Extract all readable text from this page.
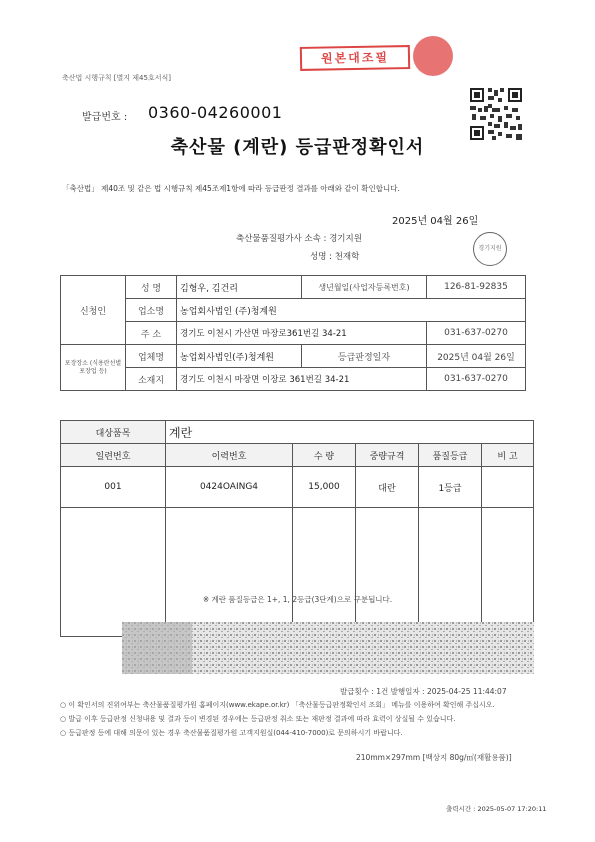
축산법 시행규칙 [별지 제45호서식]
원본대조필
발급번호 : 0360-04260001
축산물 (계란) 등급판정확인서
「축산법」 제40조 및 같은 법 시행규칙 제45조제1항에 따라 등급판정 결과를 아래와 같이 확인합니다.
2025년 04월 26일
축산물품질평가사 소속 : 경기지원
경기지원
성명 : 천재학
신청인	성 명	김형우, 김건리	생년월일(사업자등록번호)	126-81-92835
	업소명	농업회사법인 (주)청계원		
	주 소	경기도 이천시 가산면 마장로361번길 34-21		031-637-0270
포장장소 (식용란선별포장업 등)	업체명	농업회사법인(주)청계원	등급판정일자	2025년 04월 26일
	소재지	경기도 이천시 마장면 이장로 361번길 34-21		031-637-0270
대상품목	계란				
일련번호	이력번호	수 량	중량규격	품질등급	비 고
001	0424OAING4	15,000	대란	1등급	

※ 계란 품질등급은 1+, 1, 2등급(3단계)으로 구분됩니다.
발급횟수 : 1건 발행일자 : 2025-04-25 11:44:07
○ 이 확인서의 진위여부는 축산물품질평가원 홈페이지(www.ekape.or.kr) 「축산물등급판정확인서 조회」 메뉴를 이용하여 확인해 주십시오.
○ 발급 이후 등급판정 신청내용 및 결과 등이 변경된 경우에는 등급판정 취소 또는 재판정 결과에 따라 효력이 상실될 수 있습니다.
○ 등급판정 등에 대해 의문이 있는 경우 축산물품질평가원 고객지원실(044-410-7000)로 문의하시기 바랍니다.
210mm×297mm [백상지 80g/㎡(재활용품)]
출력시간 : 2025-05-07 17:20:11
